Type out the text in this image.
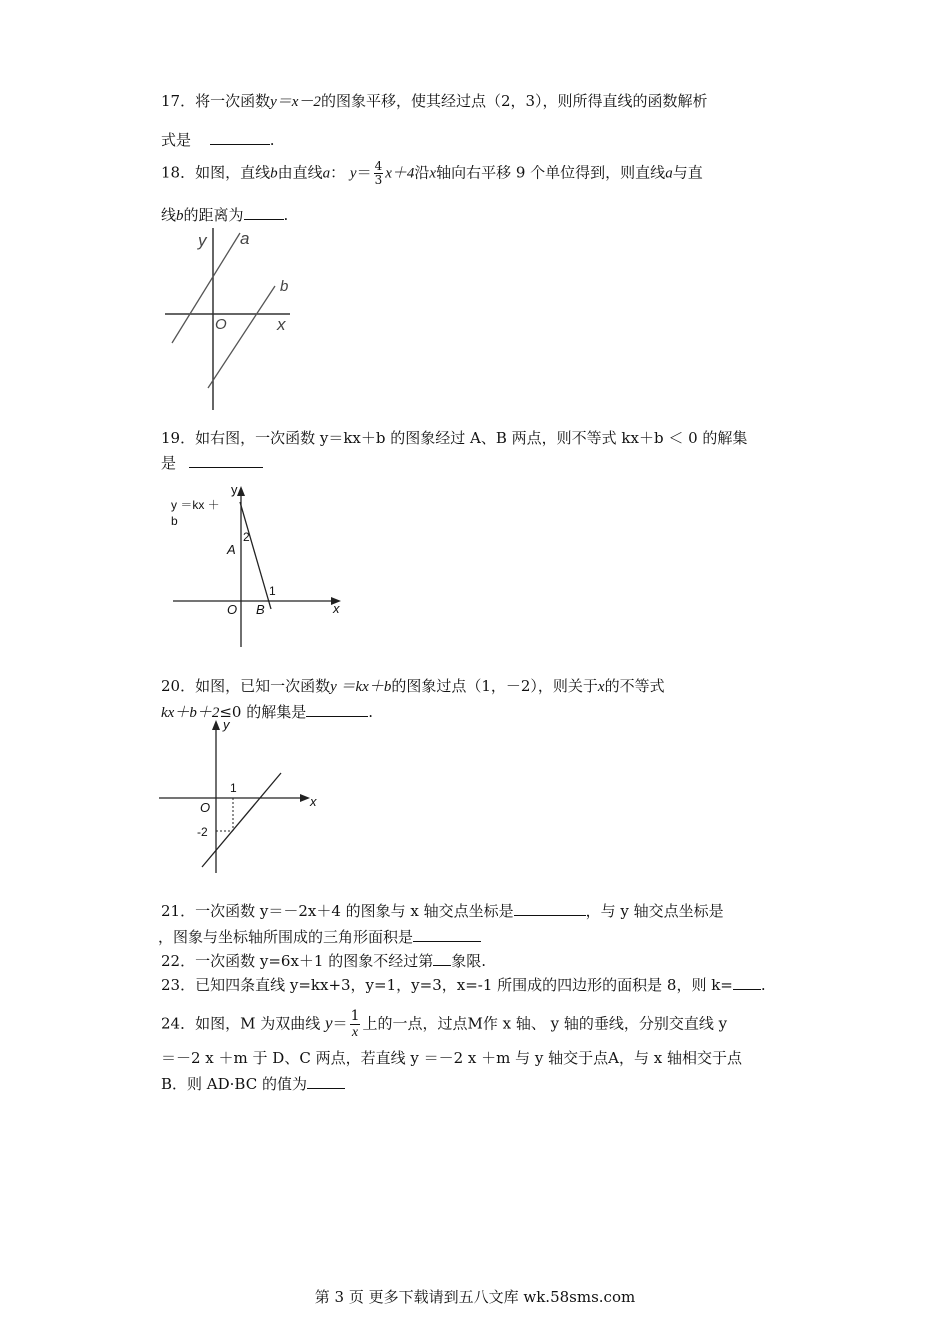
17．将一次函数y＝x－2的图象平移，使其经过点（2，3），则所得直线的函数解析
式是	.
18．如图，直线b由直线a： $y= \frac{4}{3} x+4$沿x轴向右平移 9 个单位得到，则直线a与直
线b的距离为	.
y a
b
O	x
19．如右图，一次函数 y＝kx＋b 的图象经过 A、B 两点，则不等式 kx＋b ＜ 0 的解集
是
y ＝kx ＋
b
y
2
A
1
O B	x
20．如图，已知一次函数y ＝kx＋b的图象过点（1，－2），则关于x的不等式
kx＋b＋2≤0 的解集是	.
y
1
O
-2
x
21．一次函数 y＝－2x＋4 的图象与 x 轴交点坐标是	，与 y 轴交点坐标是
，图象与坐标轴所围成的三角形面积是
22．一次函数 y=6x＋1 的图象不经过第 象限.
23．已知四条直线 y=kx+3，y=1，y=3，x=-1 所围成的四边形的面积是 8，则 k= .
24．如图，M 为双曲线 $y= \frac{1}{x}$ 上的一点，过点M作 x 轴、 y 轴的垂线，分别交直线 y
＝－2 x ＋m 于 D、C 两点，若直线 y ＝－2 x ＋m 与 y 轴交于点A，与 x 轴相交于点
B．则 AD·BC 的值为
第 3 页 更多下载请到五八文库 wk.58sms.com
